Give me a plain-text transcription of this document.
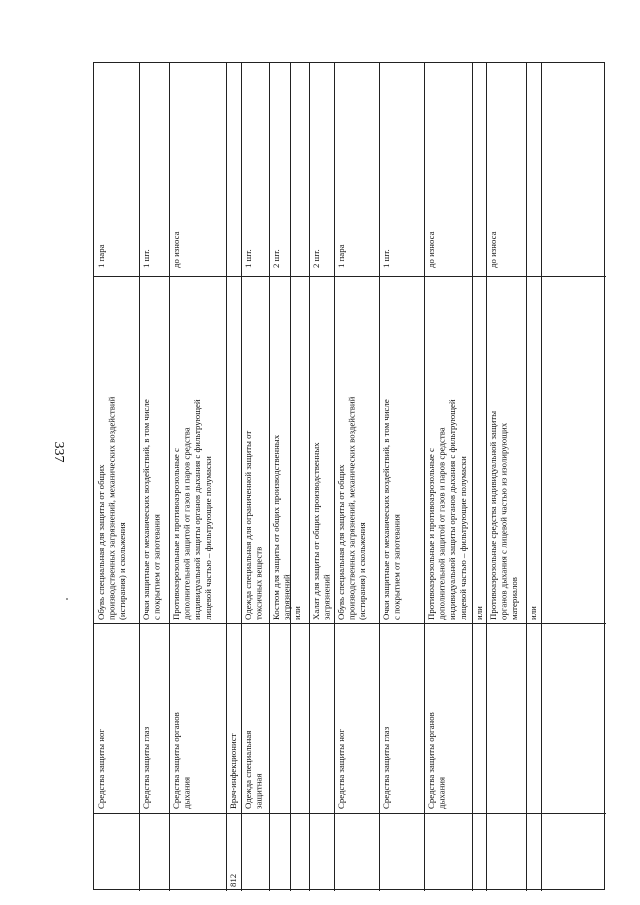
337
Средства защиты ног
Обувь специальная для защиты от общих производственных загрязнений, механических воздействий (истирания) и скольжения
1 пара
Средства защиты глаз
Очки защитные от механических воздействий, в том числе с покрытием от запотевания
1 шт.
Средства защиты органов дыхания
Противоаэрозольные и противоаэрозольные с дополнительной защитой от газов и паров средства индивидуальной защиты органов дыхания с фильтрующей лицевой частью – фильтрующие полумаски
до износа
812
Врач-инфекционист Одежда специальная защитная
Одежда специальная для ограниченной защиты от токсичных веществ
1 шт.
Костюм для защиты от общих производственных загрязнений
2 шт.
или Халат для защиты от общих производственных загрязнений
2 шт.
Средства защиты ног
Обувь специальная для защиты от общих производственных загрязнений, механических воздействий (истирания) и скольжения
1 пара
Средства защиты глаз
Очки защитные от механических воздействий, в том числе с покрытием от запотевания
1 шт.
Средства защиты органов дыхания
Противоаэрозольные и противоаэрозольные с дополнительной защитой от газов и паров средства индивидуальной защиты органов дыхания с фильтрующей лицевой частью – фильтрующие полумаски
до износа
или Противоаэрозольные средства индивидуальной защиты органов дыхания с лицевой частью из изолирующих материалов
до износа
или
